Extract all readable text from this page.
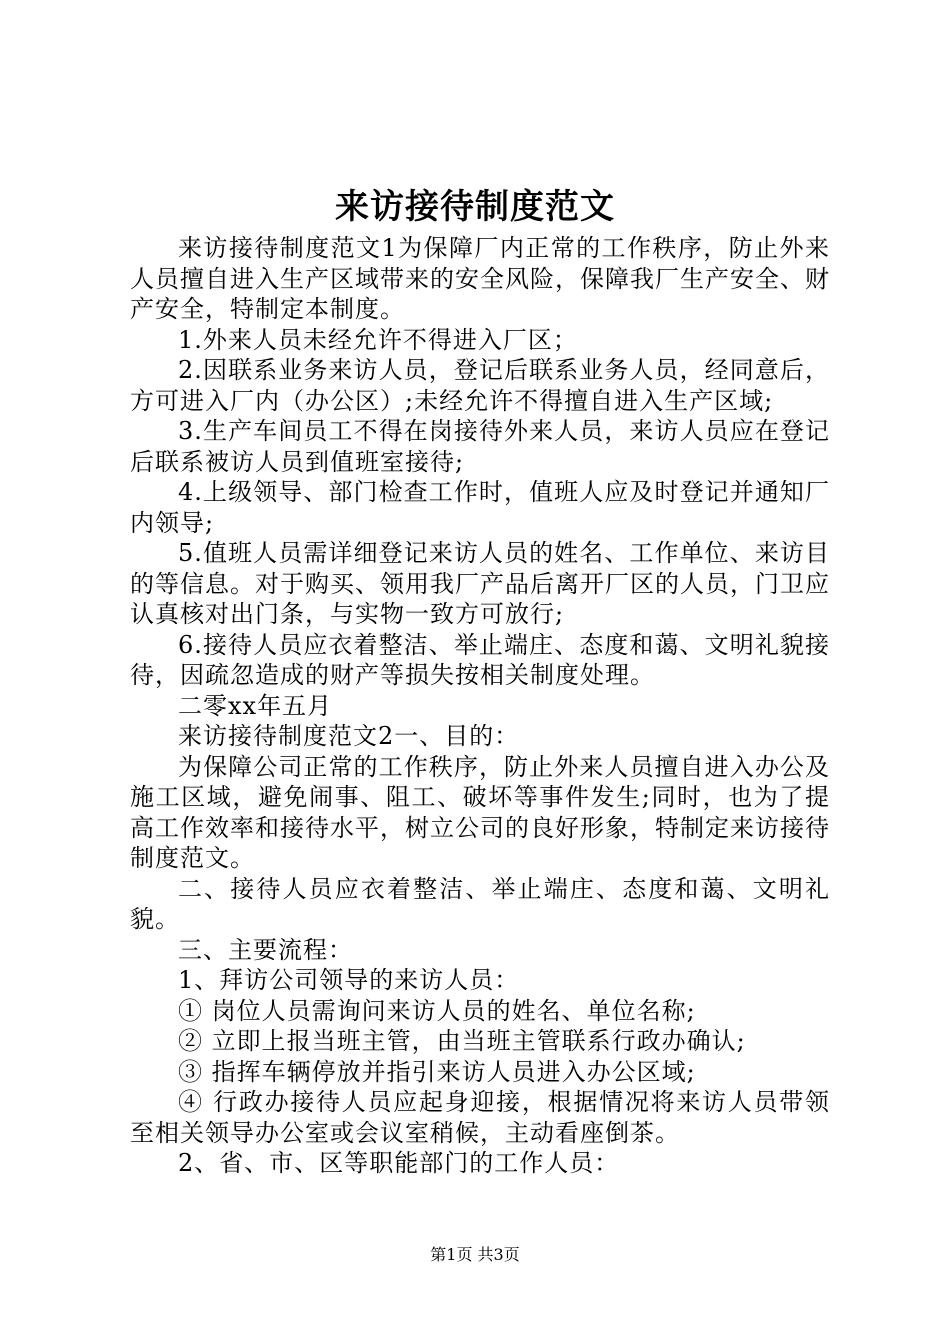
来访接待制度范文

来访接待制度范文1为保障厂内正常的工作秩序，防止外来人员擅自进入生产区域带来的安全风险，保障我厂生产安全、财产安全，特制定本制度。

1.外来人员未经允许不得进入厂区；

2.因联系业务来访人员，登记后联系业务人员，经同意后，方可进入厂内（办公区）;未经允许不得擅自进入生产区域;

3.生产车间员工不得在岗接待外来人员，来访人员应在登记后联系被访人员到值班室接待;

4.上级领导、部门检查工作时，值班人应及时登记并通知厂内领导;

5.值班人员需详细登记来访人员的姓名、工作单位、来访目的等信息。对于购买、领用我厂产品后离开厂区的人员，门卫应认真核对出门条，与实物一致方可放行;

6.接待人员应衣着整洁、举止端庄、态度和蔼、文明礼貌接待，因疏忽造成的财产等损失按相关制度处理。

二零xx年五月

来访接待制度范文2一、目的：

为保障公司正常的工作秩序，防止外来人员擅自进入办公及施工区域，避免闹事、阻工、破坏等事件发生;同时，也为了提高工作效率和接待水平，树立公司的良好形象，特制定来访接待制度范文。

二、接待人员应衣着整洁、举止端庄、态度和蔼、文明礼貌。

三、主要流程：

1、拜访公司领导的来访人员：

① 岗位人员需询问来访人员的姓名、单位名称;

② 立即上报当班主管，由当班主管联系行政办确认;

③ 指挥车辆停放并指引来访人员进入办公区域;

④ 行政办接待人员应起身迎接，根据情况将来访人员带领至相关领导办公室或会议室稍候，主动看座倒茶。

2、省、市、区等职能部门的工作人员：

第1页 共3页
